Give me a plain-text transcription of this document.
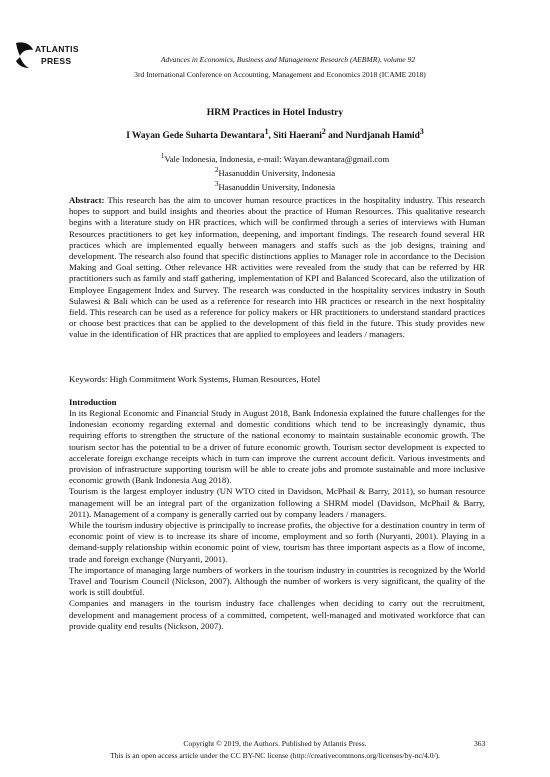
ATLANTIS
PRESS	Advances in Economics, Business and Management Research (AEBMR), volume 92
3rd International Conference on Accounting, Management and Economics 2018 (ICAME 2018)
HRM Practices in Hotel Industry
I Wayan Gede Suharta Dewantara$^1$, Siti Haerani$^2$ and Nurdjanah Hamid$^3$
$^1$Vale Indonesia, Indonesia, e-mail: Wayan.dewantara@gmail.com
$^2$Hasanuddin University, Indonesia
$^3$Hasanuddin University, Indonesia
Abstract: This research has the aim to uncover human resource practices in the hospitality industry. This research hopes to support and build insights and theories about the practice of Human Resources. This qualitative research begins with a literature study on HR practices, which will be confirmed through a series of interviews with Human Resources practitioners to get key information, deepening, and important findings. The research found several HR practices which are implemented equally between managers and staffs such as the job designs, training and development. The research also found that specific distinctions applies to Manager role in accordance to the Decision Making and Goal setting. Other relevance HR activities were revealed from the study that can be referred by HR practitioners such as family and staff gathering, implementation of KPI and Balanced Scorecard, also the utilization of Employee Engagement Index and Survey. The research was conducted in the hospitality services industry in South Sulawesi & Bali which can be used as a reference for research into HR practices or research in the next hospitality field. This research can be used as a reference for policy makers or HR practitioners to understand standard practices or choose best practices that can be applied to the development of this field in the future. This study provides new value in the identification of HR practices that are applied to employees and leaders / managers.
Keywords: High Commitment Work Systems, Human Resources, Hotel
Introduction

In its Regional Economic and Financial Study in August 2018, Bank Indonesia explained the future challenges for the Indonesian economy regarding external and domestic conditions which tend to be increasingly dynamic, thus requiring efforts to strengthen the structure of the national economy to maintain sustainable economic growth. The tourism sector has the potential to be a driver of future economic growth. Tourism sector development is expected to accelerate foreign exchange receipts which in turn can improve the current account deficit. Various investments and provision of infrastructure supporting tourism will be able to create jobs and promote sustainable and more inclusive economic growth (Bank Indonesia Aug 2018).

Tourism is the largest employer industry (UN WTO cited in Davidson, McPhail & Barry, 2011), so human resource management will be an integral part of the organization following a SHRM model (Davidson, McPhail & Barry, 2011). Management of a company is generally carried out by company leaders / managers.

While the tourism industry objective is principally to increase profits, the objective for a destination country in term of economic point of view is to increase its share of income, employment and so forth (Nuryanti, 2001). Playing in a demand-supply relationship within economic point of view, tourism has three important aspects as a flow of income, trade and foreign exchange (Nuryanti, 2001).

The importance of managing large numbers of workers in the tourism industry in countries is recognized by the World Travel and Tourism Council (Nickson, 2007). Although the number of workers is very significant, the quality of the work is still doubtful.

Companies and managers in the tourism industry face challenges when deciding to carry out the recruitment, development and management process of a committed, competent, well-managed and motivated workforce that can provide quality end results (Nickson, 2007).

Copyright © 2019, the Authors. Published by Atlantis Press.	363
This is an open access article under the CC BY-NC license (http://creativecommons.org/licenses/by-nc/4.0/).
